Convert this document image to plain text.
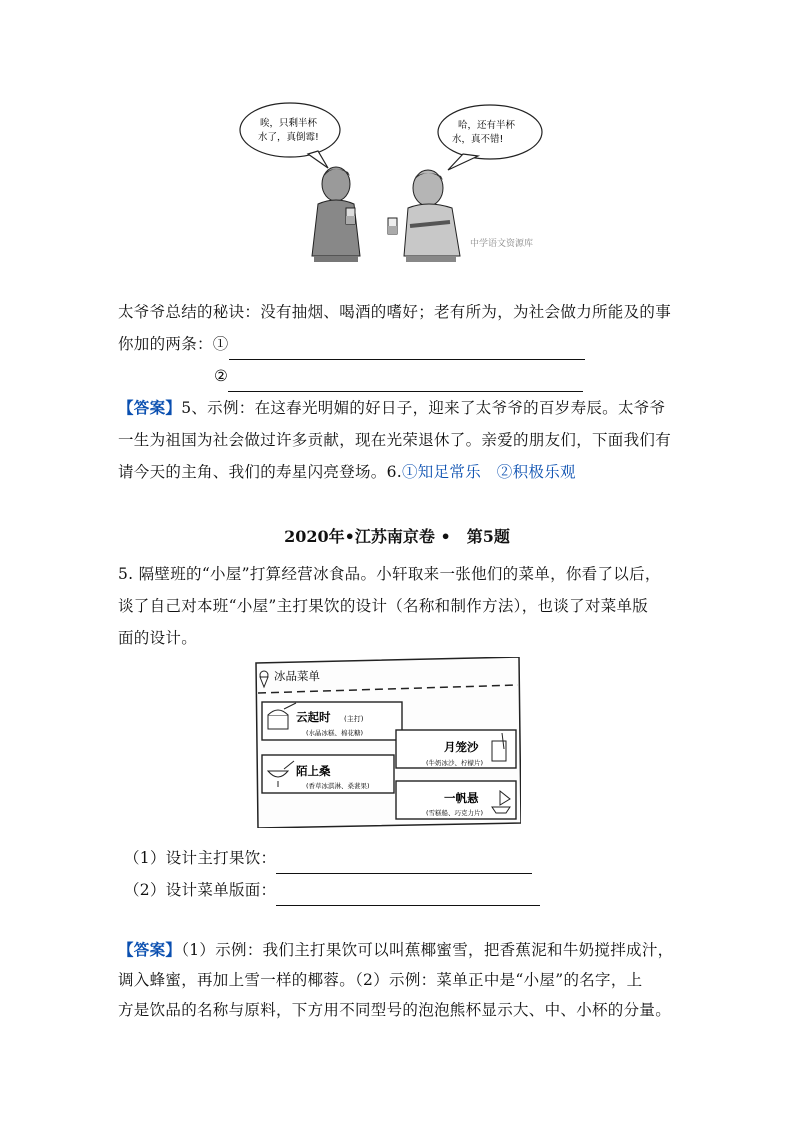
唉，只剩半杯
水了，真倒霉!
哈，还有半杯
水，真不错!
中学语文资源库
太爷爷总结的秘诀：没有抽烟、喝酒的嗜好；老有所为，为社会做力所能及的事
你加的两条：①
②
【答案】5、示例：在这春光明媚的好日子，迎来了太爷爷的百岁寿辰。太爷爷
一生为祖国为社会做过许多贡献，现在光荣退休了。亲爱的朋友们，下面我们有
请今天的主角、我们的寿星闪亮登场。6.①知足常乐　②积极乐观
2020年•江苏南京卷 •　第5题
5. 隔壁班的“小屋”打算经营冰食品。小轩取来一张他们的菜单，你看了以后，
谈了自己对本班“小屋”主打果饮的设计（名称和制作方法），也谈了对菜单版
面的设计。
冰品菜单
云起时 (主打)
(水晶冰糕、棉花糖)
月笼沙
(牛奶冰沙、柠檬片)
陌上桑
(香草冰淇淋、桑葚果)
一帆悬
(雪糕船、巧克力片)
（1）设计主打果饮：
（2）设计菜单版面：
【答案】（1）示例：我们主打果饮可以叫蕉椰蜜雪，把香蕉泥和牛奶搅拌成汁，
调入蜂蜜，再加上雪一样的椰蓉。（2）示例：菜单正中是“小屋”的名字，上
方是饮品的名称与原料，下方用不同型号的泡泡熊杯显示大、中、小杯的分量。
